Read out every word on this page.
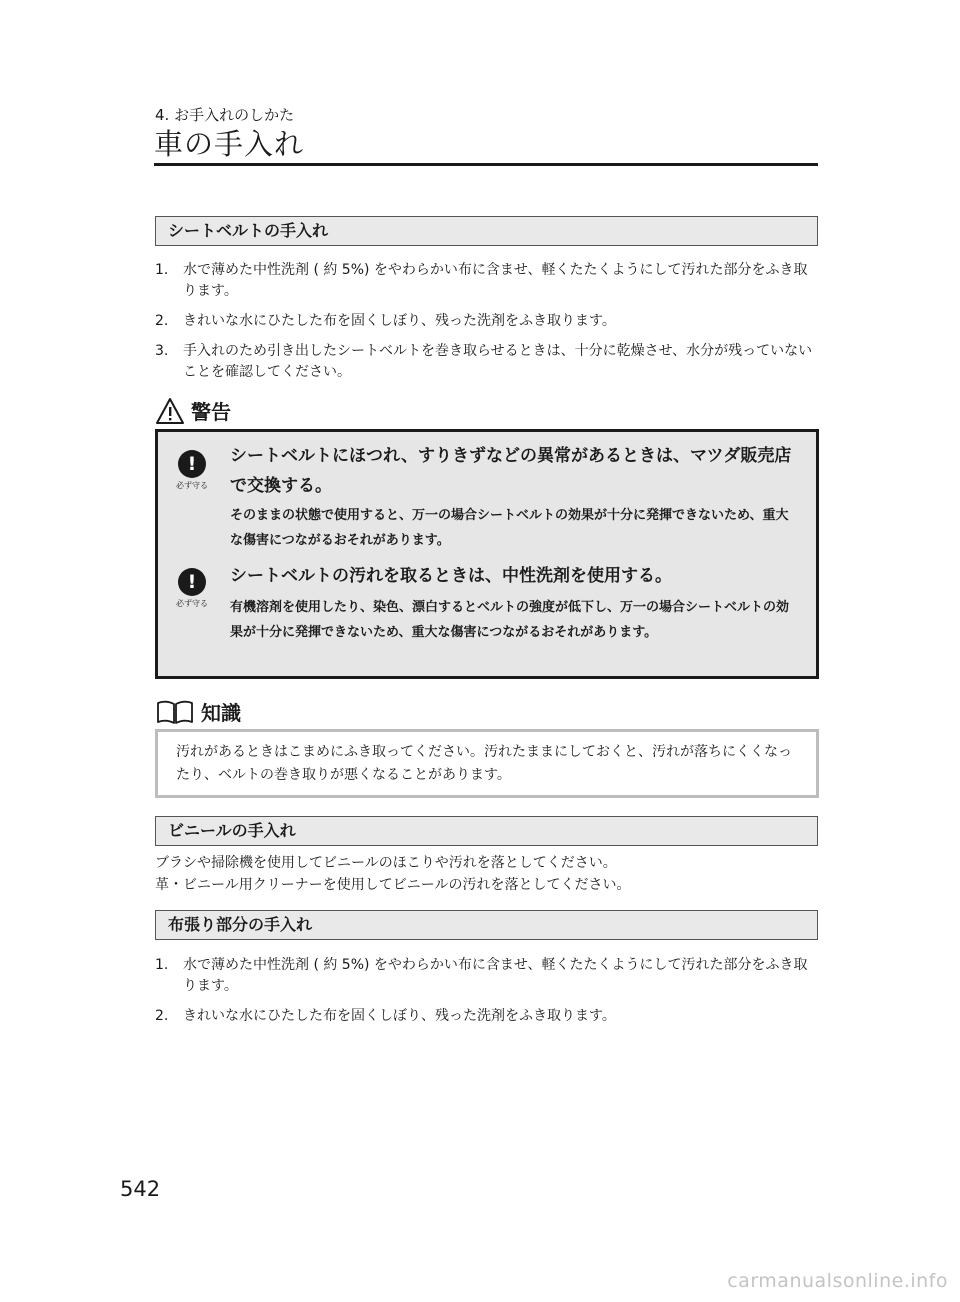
4. お手入れのしかた
車の手入れ
シートベルトの手入れ
1. 水で薄めた中性洗剤 ( 約 5%) をやわらかい布に含ませ、軽くたたくようにして汚れた部分をふき取ります。
2. きれいな水にひたした布を固くしぼり、残った洗剤をふき取ります。
3. 手入れのため引き出したシートベルトを巻き取らせるときは、十分に乾燥させ、水分が残っていないことを確認してください。
警告
!
必ず守る
シートベルトにほつれ、すりきずなどの異常があるときは、マツダ販売店で交換する。
そのままの状態で使用すると、万一の場合シートベルトの効果が十分に発揮できないため、重大な傷害につながるおそれがあります。
!
必ず守る
シートベルトの汚れを取るときは、中性洗剤を使用する。
有機溶剤を使用したり、染色、漂白するとベルトの強度が低下し、万一の場合シートベルトの効果が十分に発揮できないため、重大な傷害につながるおそれがあります。
知識
汚れがあるときはこまめにふき取ってください。汚れたままにしておくと、汚れが落ちにくくなったり、ベルトの巻き取りが悪くなることがあります。
ビニールの手入れ
ブラシや掃除機を使用してビニールのほこりや汚れを落としてください。
革・ビニール用クリーナーを使用してビニールの汚れを落としてください。
布張り部分の手入れ
1. 水で薄めた中性洗剤 ( 約 5%) をやわらかい布に含ませ、軽くたたくようにして汚れた部分をふき取ります。
2. きれいな水にひたした布を固くしぼり、残った洗剤をふき取ります。
542
carmanualsonline.info
